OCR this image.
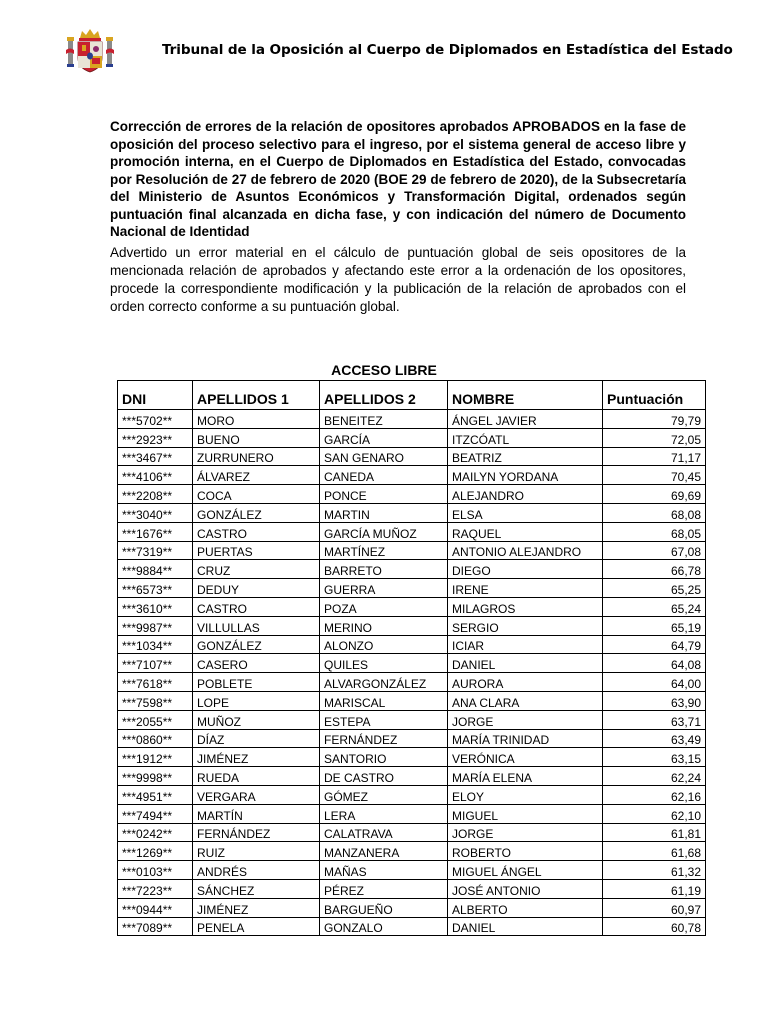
Tribunal de la Oposición al Cuerpo de Diplomados en Estadística del Estado
Corrección de errores de la relación de opositores aprobados APROBADOS en la fase de oposición del proceso selectivo para el ingreso, por el sistema general de acceso libre y promoción interna, en el Cuerpo de Diplomados en Estadística del Estado, convocadas por Resolución de 27 de febrero de 2020 (BOE 29 de febrero de 2020), de la Subsecretaría del Ministerio de Asuntos Económicos y Transformación Digital, ordenados según puntuación final alcanzada en dicha fase, y con indicación del número de Documento Nacional de Identidad
Advertido un error material en el cálculo de puntuación global de seis opositores de la mencionada relación de aprobados y afectando este error a la ordenación de los opositores, procede la correspondiente modificación y la publicación de la relación de aprobados con el orden correcto conforme a su puntuación global.
ACCESO LIBRE
DNI	APELLIDOS 1	APELLIDOS 2	NOMBRE	Puntuación
***5702**	MORO	BENEITEZ	ÁNGEL JAVIER	79,79
***2923**	BUENO	GARCÍA	ITZCÓATL	72,05
***3467**	ZURRUNERO	SAN GENARO	BEATRIZ	71,17
***4106**	ÁLVAREZ	CANEDA	MAILYN YORDANA	70,45
***2208**	COCA	PONCE	ALEJANDRO	69,69
***3040**	GONZÁLEZ	MARTIN	ELSA	68,08
***1676**	CASTRO	GARCÍA MUÑOZ	RAQUEL	68,05
***7319**	PUERTAS	MARTÍNEZ	ANTONIO ALEJANDRO	67,08
***9884**	CRUZ	BARRETO	DIEGO	66,78
***6573**	DEDUY	GUERRA	IRENE	65,25
***3610**	CASTRO	POZA	MILAGROS	65,24
***9987**	VILLULLAS	MERINO	SERGIO	65,19
***1034**	GONZÁLEZ	ALONZO	ICIAR	64,79
***7107**	CASERO	QUILES	DANIEL	64,08
***7618**	POBLETE	ALVARGONZÁLEZ	AURORA	64,00
***7598**	LOPE	MARISCAL	ANA CLARA	63,90
***2055**	MUÑOZ	ESTEPA	JORGE	63,71
***0860**	DÍAZ	FERNÁNDEZ	MARÍA TRINIDAD	63,49
***1912**	JIMÉNEZ	SANTORIO	VERÓNICA	63,15
***9998**	RUEDA	DE CASTRO	MARÍA ELENA	62,24
***4951**	VERGARA	GÓMEZ	ELOY	62,16
***7494**	MARTÍN	LERA	MIGUEL	62,10
***0242**	FERNÁNDEZ	CALATRAVA	JORGE	61,81
***1269**	RUIZ	MANZANERA	ROBERTO	61,68
***0103**	ANDRÉS	MAÑAS	MIGUEL ÁNGEL	61,32
***7223**	SÁNCHEZ	PÉREZ	JOSÉ ANTONIO	61,19
***0944**	JIMÉNEZ	BARGUEÑO	ALBERTO	60,97
***7089**	PENELA	GONZALO	DANIEL	60,78
